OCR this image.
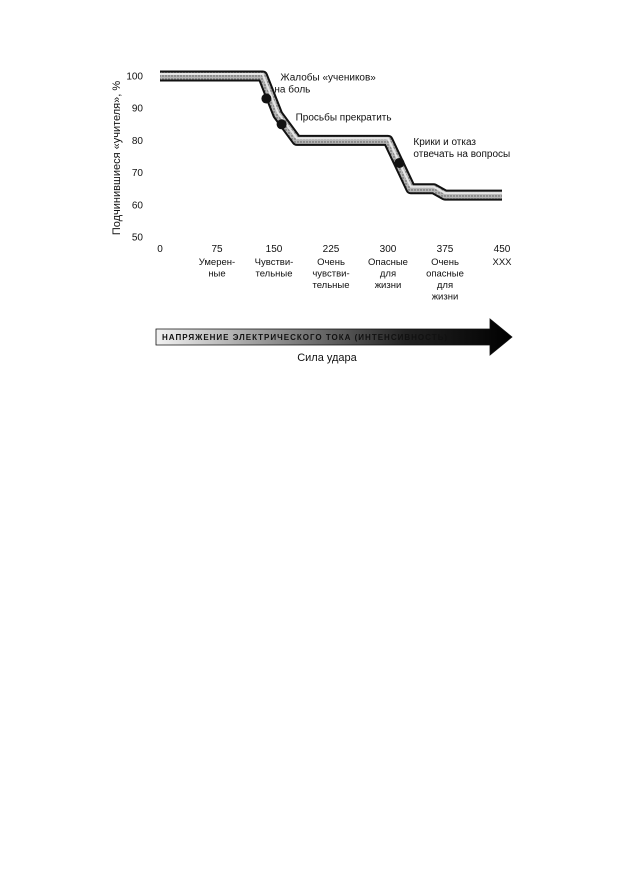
Подчинившиеся «учителя», %
100
90
80
70
60
50
Жалобы «учеников»
на боль
Просьбы прекратить
Крики и отказ
отвечать на вопросы
0	75
Умерен-
ные
150
Чувстви-
тельные
225
Очень
чувстви-
тельные
300
Опасные
для
жизни
375
Очень
опасные
для
жизни
450
XXX
НАПРЯЖЕНИЕ ЭЛЕКТРИЧЕСКОГО ТОКА (ИНТЕНСИВНОСТЬ)
Сила удара
